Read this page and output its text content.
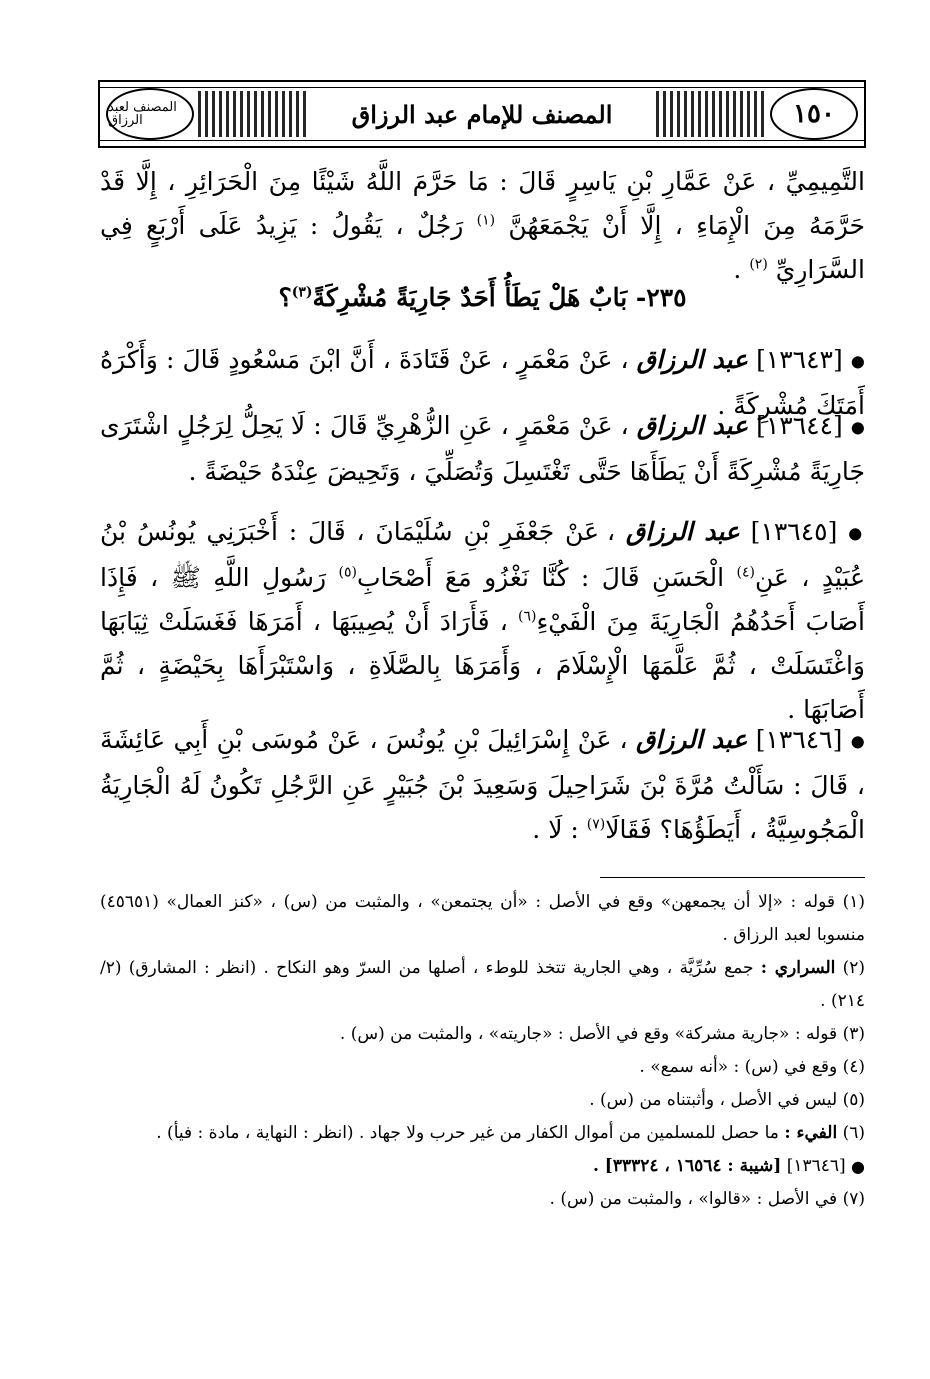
المصنف لعبد الرزاق	المصنف للإمام عبد الرزاق	١٥٠
التَّمِيمِيِّ ، عَنْ عَمَّارِ بْنِ يَاسِرٍ قَالَ : مَا حَرَّمَ اللَّهُ شَيْئًا مِنَ الْحَرَائِرِ ، إِلَّا قَدْ حَرَّمَهُ مِنَ الْإِمَاءِ ، إِلَّا أَنْ يَجْمَعَهُنَّ $^{(١)}$ رَجُلٌ ، يَقُولُ : يَزِيدُ عَلَى أَرْبَعٍ فِي السَّرَارِيِّ $^{(٢)}$ .
٢٣٥- بَابٌ هَلْ يَطَأُ أَحَدٌ جَارِيَةً مُشْرِكَةً$^{(٣)}$؟
● [١٣٦٤٣] عبد الرزاق ، عَنْ مَعْمَرٍ ، عَنْ قَتَادَةَ ، أَنَّ ابْنَ مَسْعُودٍ قَالَ : وَأَكْرَهُ أَمَتَكَ مُشْرِكَةً .
● [١٣٦٤٤] عبد الرزاق ، عَنْ مَعْمَرٍ ، عَنِ الزُّهْرِيِّ قَالَ : لَا يَحِلُّ لِرَجُلٍ اشْتَرَى جَارِيَةً مُشْرِكَةً أَنْ يَطَأَهَا حَتَّى تَغْتَسِلَ وَتُصَلِّيَ ، وَتَحِيضَ عِنْدَهُ حَيْضَةً .
● [١٣٦٤٥] عبد الرزاق ، عَنْ جَعْفَرِ بْنِ سُلَيْمَانَ ، قَالَ : أَخْبَرَنِي يُونُسُ بْنُ عُبَيْدٍ ، عَنِ$^{(٤)}$ الْحَسَنِ قَالَ : كُنَّا نَغْزُو مَعَ أَصْحَابِ$^{(٥)}$ رَسُولِ اللَّهِ ﷺ ، فَإِذَا أَصَابَ أَحَدُهُمُ الْجَارِيَةَ مِنَ الْفَيْءِ$^{(٦)}$ ، فَأَرَادَ أَنْ يُصِيبَهَا ، أَمَرَهَا فَغَسَلَتْ ثِيَابَهَا وَاغْتَسَلَتْ ، ثُمَّ عَلَّمَهَا الْإِسْلَامَ ، وَأَمَرَهَا بِالصَّلَاةِ ، وَاسْتَبْرَأَهَا بِحَيْضَةٍ ، ثُمَّ أَصَابَهَا .
● [١٣٦٤٦] عبد الرزاق ، عَنْ إِسْرَائِيلَ بْنِ يُونُسَ ، عَنْ مُوسَى بْنِ أَبِي عَائِشَةَ ، قَالَ : سَأَلْتُ مُرَّةَ بْنَ شَرَاحِيلَ وَسَعِيدَ بْنَ جُبَيْرٍ عَنِ الرَّجُلِ تَكُونُ لَهُ الْجَارِيَةُ الْمَجُوسِيَّةُ ، أَيَطَؤُهَا؟ فَقَالَا$^{(٧)}$ : لَا .

(١) قوله : «إلا أن يجمعهن» وقع في الأصل : «أن يجتمعن» ، والمثبت من (س) ، «كنز العمال» (٤٥٦٥١) منسوبا لعبد الرزاق .

(٢) السراري : جمع سُرِّيَّة ، وهي الجارية تتخذ للوطء ، أصلها من السرّ وهو النكاح . (انظر : المشارق) (٢/ ٢١٤) .

(٣) قوله : «جارية مشركة» وقع في الأصل : «جاريته» ، والمثبت من (س) .

(٤) وقع في (س) : «أنه سمع» .

(٥) ليس في الأصل ، وأثبتناه من (س) .

(٦) الفيء : ما حصل للمسلمين من أموال الكفار من غير حرب ولا جهاد . (انظر : النهاية ، مادة : فيأ) .

● [١٣٦٤٦] [شيبة : ١٦٥٦٤ ، ٣٣٣٢٤] .

(٧) في الأصل : «قالوا» ، والمثبت من (س) .
